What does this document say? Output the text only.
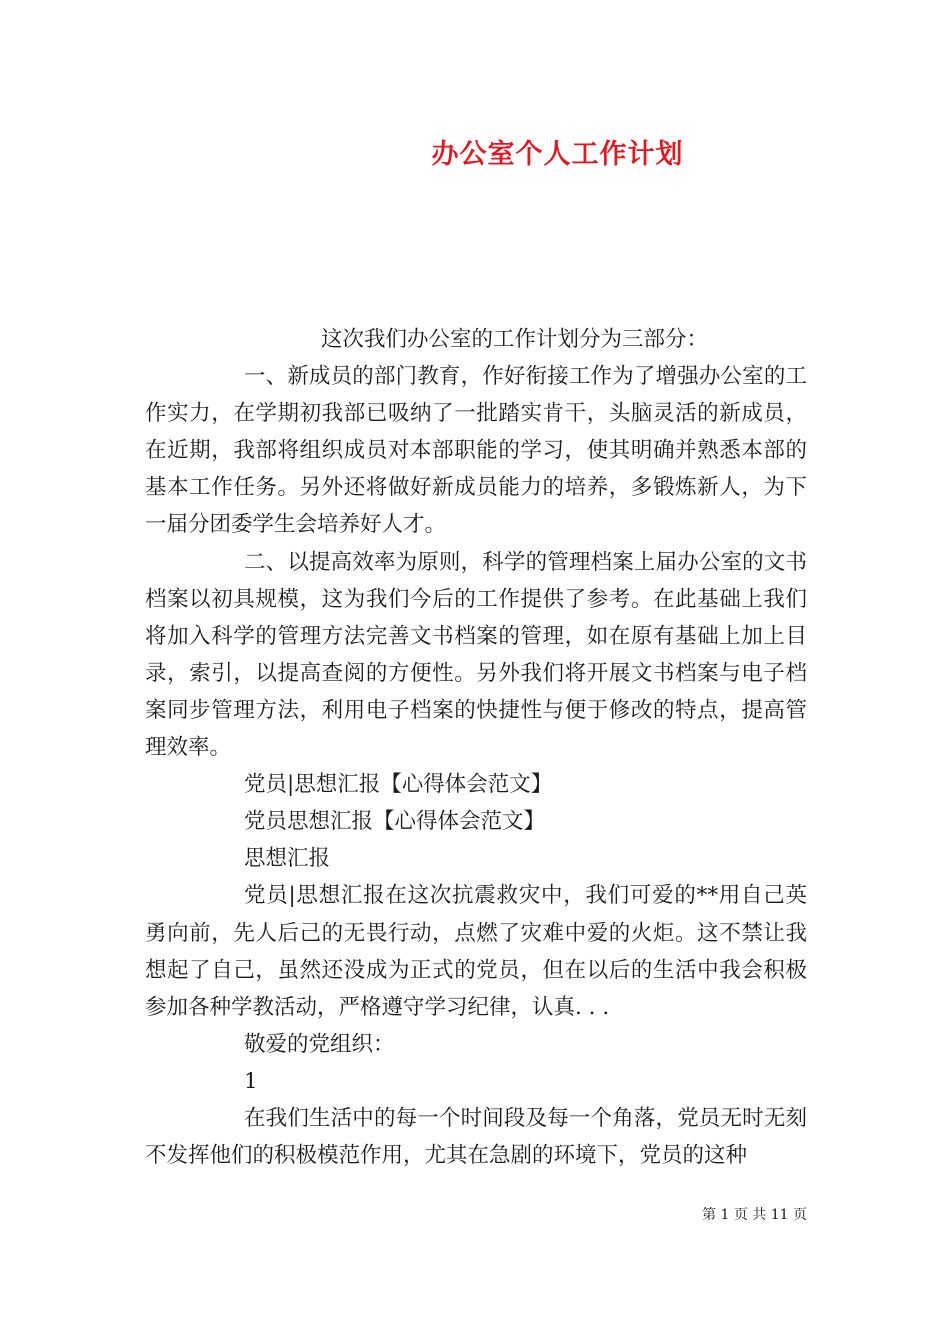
办公室个人工作计划

这次我们办公室的工作计划分为三部分：

一、新成员的部门教育，作好衔接工作为了增强办公室的工作实力，在学期初我部已吸纳了一批踏实肯干，头脑灵活的新成员，在近期，我部将组织成员对本部职能的学习，使其明确并熟悉本部的基本工作任务。另外还将做好新成员能力的培养，多锻炼新人，为下一届分团委学生会培养好人才。

二、以提高效率为原则，科学的管理档案上届办公室的文书档案以初具规模，这为我们今后的工作提供了参考。在此基础上我们将加入科学的管理方法完善文书档案的管理，如在原有基础上加上目录，索引，以提高查阅的方便性。另外我们将开展文书档案与电子档案同步管理方法，利用电子档案的快捷性与便于修改的特点，提高管理效率。

党员|思想汇报【心得体会范文】

党员思想汇报【心得体会范文】

思想汇报

党员|思想汇报在这次抗震救灾中，我们可爱的**用自己英勇向前，先人后己的无畏行动，点燃了灾难中爱的火炬。这不禁让我想起了自己，虽然还没成为正式的党员，但在以后的生活中我会积极参加各种学教活动，严格遵守学习纪律，认真. . .

敬爱的党组织：

1

在我们生活中的每一个时间段及每一个角落，党员无时无刻不发挥他们的积极模范作用，尤其在急剧的环境下，党员的这种

第 1 页 共 11 页
